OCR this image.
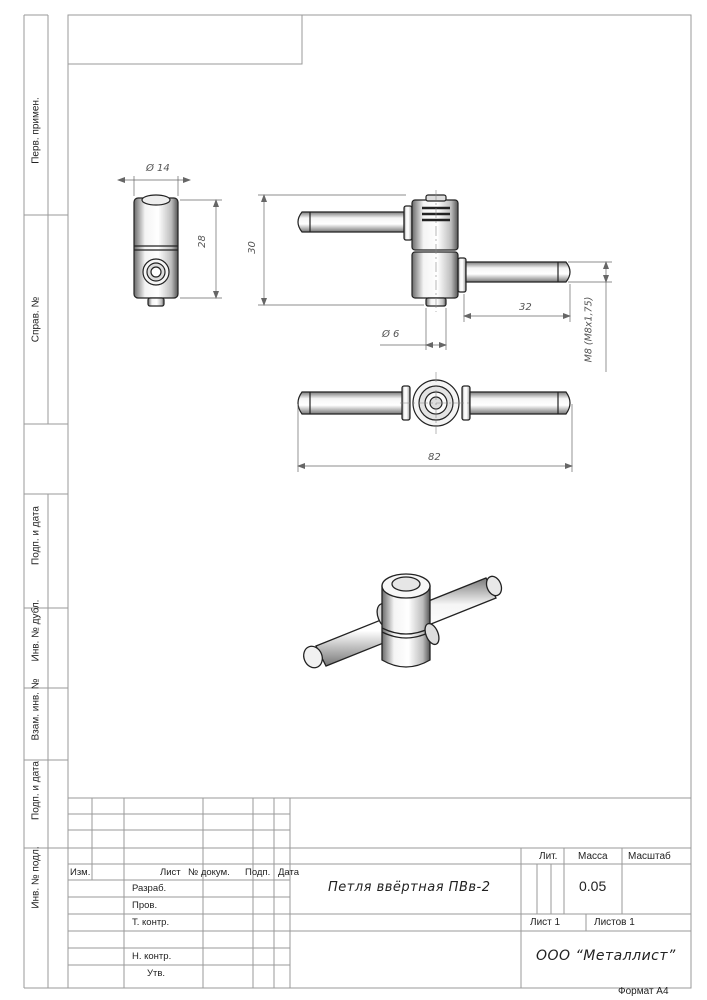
Ø 14
28	30
Ø 6
32	M8 (M8x1,75)
82
Перв. примен.
Справ. №
Подп. и дата
Инв. № дубл.
Взам. инв. №
Подп. и дата
Инв. № подл.	Изм.	Лист № докум. Подп. Дата
Разраб.
Пров.
Т. контр.
Н. контр.
Утв.
Петля ввёртная ПВв-2
Лит. Масса Масштаб
0.05
Лист 1	Листов 1
ООО “Металлист”
Формат А4
